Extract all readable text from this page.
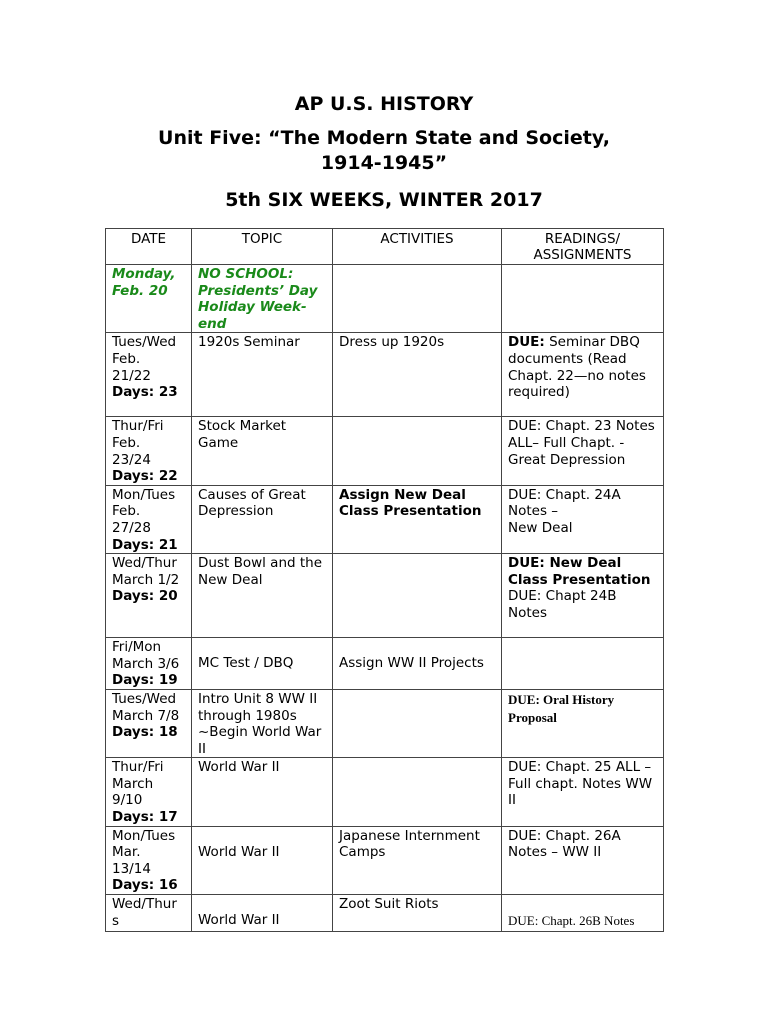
AP U.S. HISTORY

Unit Five: “The Modern State and Society,
1914-1945”

5th SIX WEEKS, WINTER 2017

DATE	TOPIC	ACTIVITIES	READINGS/ ASSIGNMENTS

Monday,
Feb. 20	NO SCHOOL: Presidents’ Day Holiday Week-end		

Tues/Wed
Feb.
21/22
Days: 23	1920s Seminar	Dress up 1920s	DUE: Seminar DBQ documents (Read Chapt. 22—no notes required)

Thur/Fri
Feb.
23/24
Days: 22	Stock Market Game		DUE: Chapt. 23 Notes ALL– Full Chapt. -
Great Depression

Mon/Tues
Feb.
27/28
Days: 21	Causes of Great Depression	Assign New Deal Class Presentation	DUE: Chapt. 24A Notes –
New Deal

Wed/Thur
March 1/2
Days: 20	Dust Bowl and the New Deal		DUE: New Deal Class Presentation
DUE: Chapt 24B Notes

Fri/Mon
March 3/6
Days: 19	MC Test / DBQ	Assign WW II Projects	

Tues/Wed
March 7/8
Days: 18	Intro Unit 8 WW II through 1980s ~Begin World War II		DUE: Oral History Proposal

Thur/Fri
March
9/10
Days: 17	World War II		DUE: Chapt. 25 ALL – Full chapt. Notes WW II

Mon/Tues
Mar.
13/14
Days: 16	World War II	Japanese Internment Camps	DUE: Chapt. 26A Notes – WW II

Wed/Thur
s	World War II	Zoot Suit Riots	DUE: Chapt. 26B Notes
